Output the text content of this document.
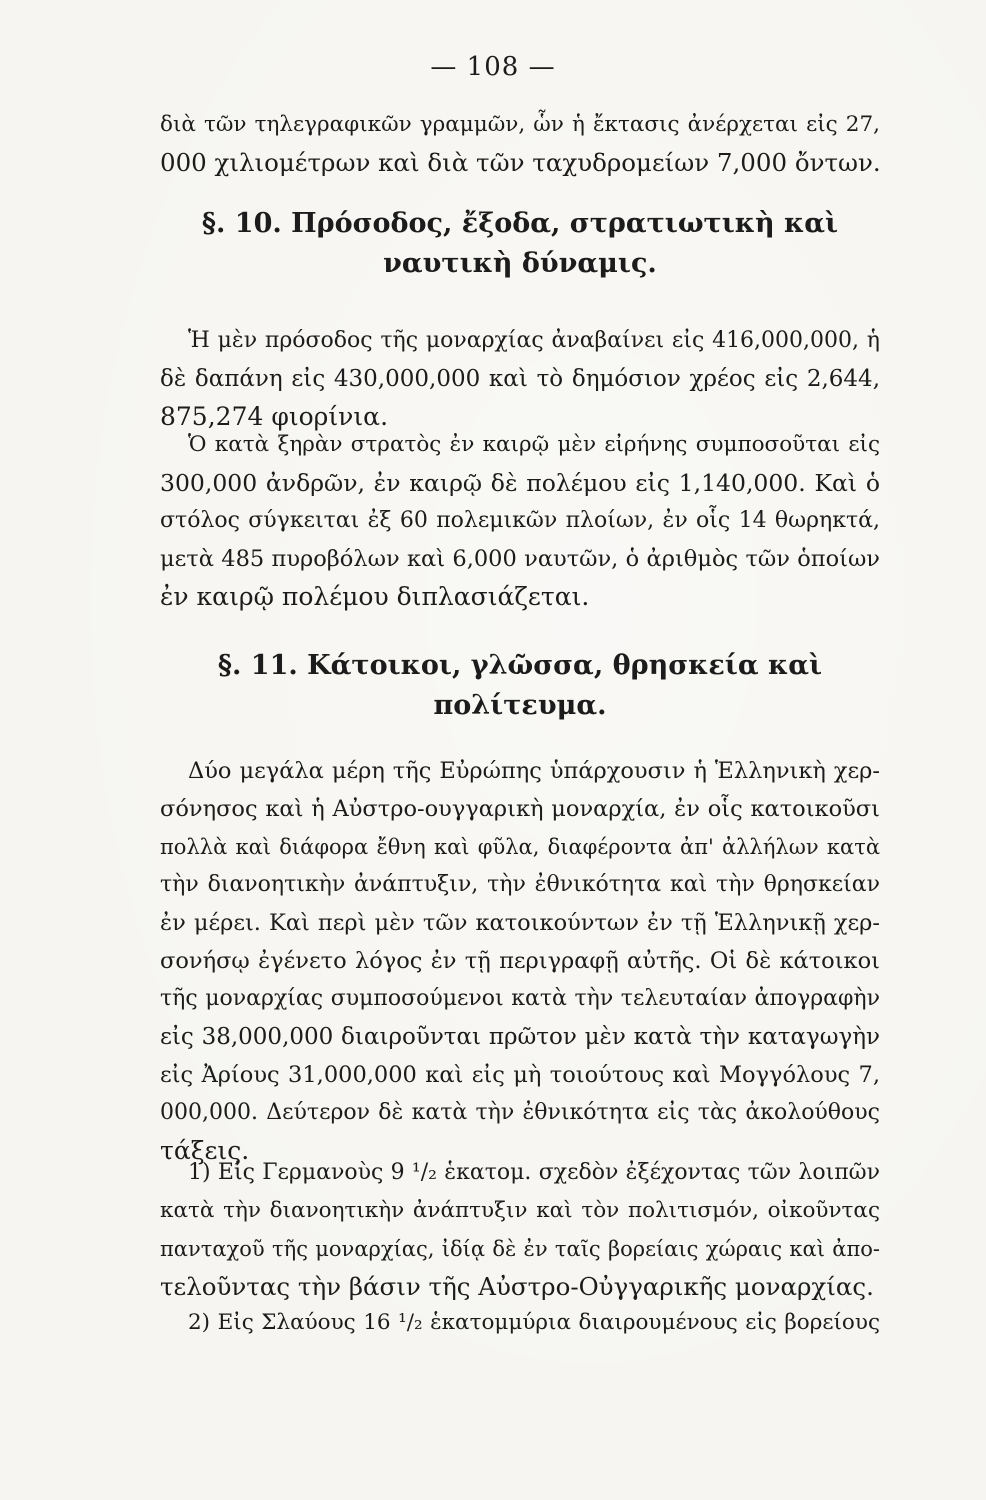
— 108 —
διὰ τῶν τηλεγραφικῶν γραμμῶν, ὧν ἡ ἔκτασις ἀνέρχεται εἰς 27,
000 χιλιομέτρων καὶ διὰ τῶν ταχυδρομείων 7,000 ὄντων.
§. 10. Πρόσοδος, ἔξοδα, στρατιωτικὴ καὶ
ναυτικὴ δύναμις.
Ἡ μὲν πρόσοδος τῆς μοναρχίας ἀναβαίνει εἰς 416,000,000, ἡ
δὲ δαπάνη εἰς 430,000,000 καὶ τὸ δημόσιον χρέος εἰς 2,644,
875,274 φιορίνια.
Ὁ κατὰ ξηρὰν στρατὸς ἐν καιρῷ μὲν εἰρήνης συμποσοῦται εἰς
300,000 ἀνδρῶν, ἐν καιρῷ δὲ πολέμου εἰς 1,140,000. Καὶ ὁ
στόλος σύγκειται ἐξ 60 πολεμικῶν πλοίων, ἐν οἷς 14 θωρηκτά,
μετὰ 485 πυροβόλων καὶ 6,000 ναυτῶν, ὁ ἀριθμὸς τῶν ὁποίων
ἐν καιρῷ πολέμου διπλασιάζεται.
§. 11. Κάτοικοι, γλῶσσα, θρησκεία καὶ
πολίτευμα.
Δύο μεγάλα μέρη τῆς Εὐρώπης ὑπάρχουσιν ἡ Ἑλληνικὴ χερ-
σόνησος καὶ ἡ Αὐστρο-ουγγαρικὴ μοναρχία, ἐν οἷς κατοικοῦσι
πολλὰ καὶ διάφορα ἔθνη καὶ φῦλα, διαφέροντα ἀπ' ἀλλήλων κατὰ
τὴν διανοητικὴν ἀνάπτυξιν, τὴν ἐθνικότητα καὶ τὴν θρησκείαν
ἐν μέρει. Καὶ περὶ μὲν τῶν κατοικούντων ἐν τῇ Ἑλληνικῇ χερ-
σονήσῳ ἐγένετο λόγος ἐν τῇ περιγραφῇ αὐτῆς. Οἱ δὲ κάτοικοι
τῆς μοναρχίας συμποσούμενοι κατὰ τὴν τελευταίαν ἀπογραφὴν
εἰς 38,000,000 διαιροῦνται πρῶτον μὲν κατὰ τὴν καταγωγὴν
εἰς Ἀρίους 31,000,000 καὶ εἰς μὴ τοιούτους καὶ Μογγόλους 7,
000,000. Δεύτερον δὲ κατὰ τὴν ἐθνικότητα εἰς τὰς ἀκολούθους
τάξεις.
1) Εἰς Γερμανοὺς 9 ¹/₂ ἑκατομ. σχεδὸν ἐξέχοντας τῶν λοιπῶν
κατὰ τὴν διανοητικὴν ἀνάπτυξιν καὶ τὸν πολιτισμόν, οἰκοῦντας
πανταχοῦ τῆς μοναρχίας, ἰδίᾳ δὲ ἐν ταῖς βορείαις χώραις καὶ ἀπο-
τελοῦντας τὴν βάσιν τῆς Αὐστρο-Οὐγγαρικῆς μοναρχίας.
2) Εἰς Σλαύους 16 ¹/₂ ἑκατομμύρια διαιρουμένους εἰς βορείους
